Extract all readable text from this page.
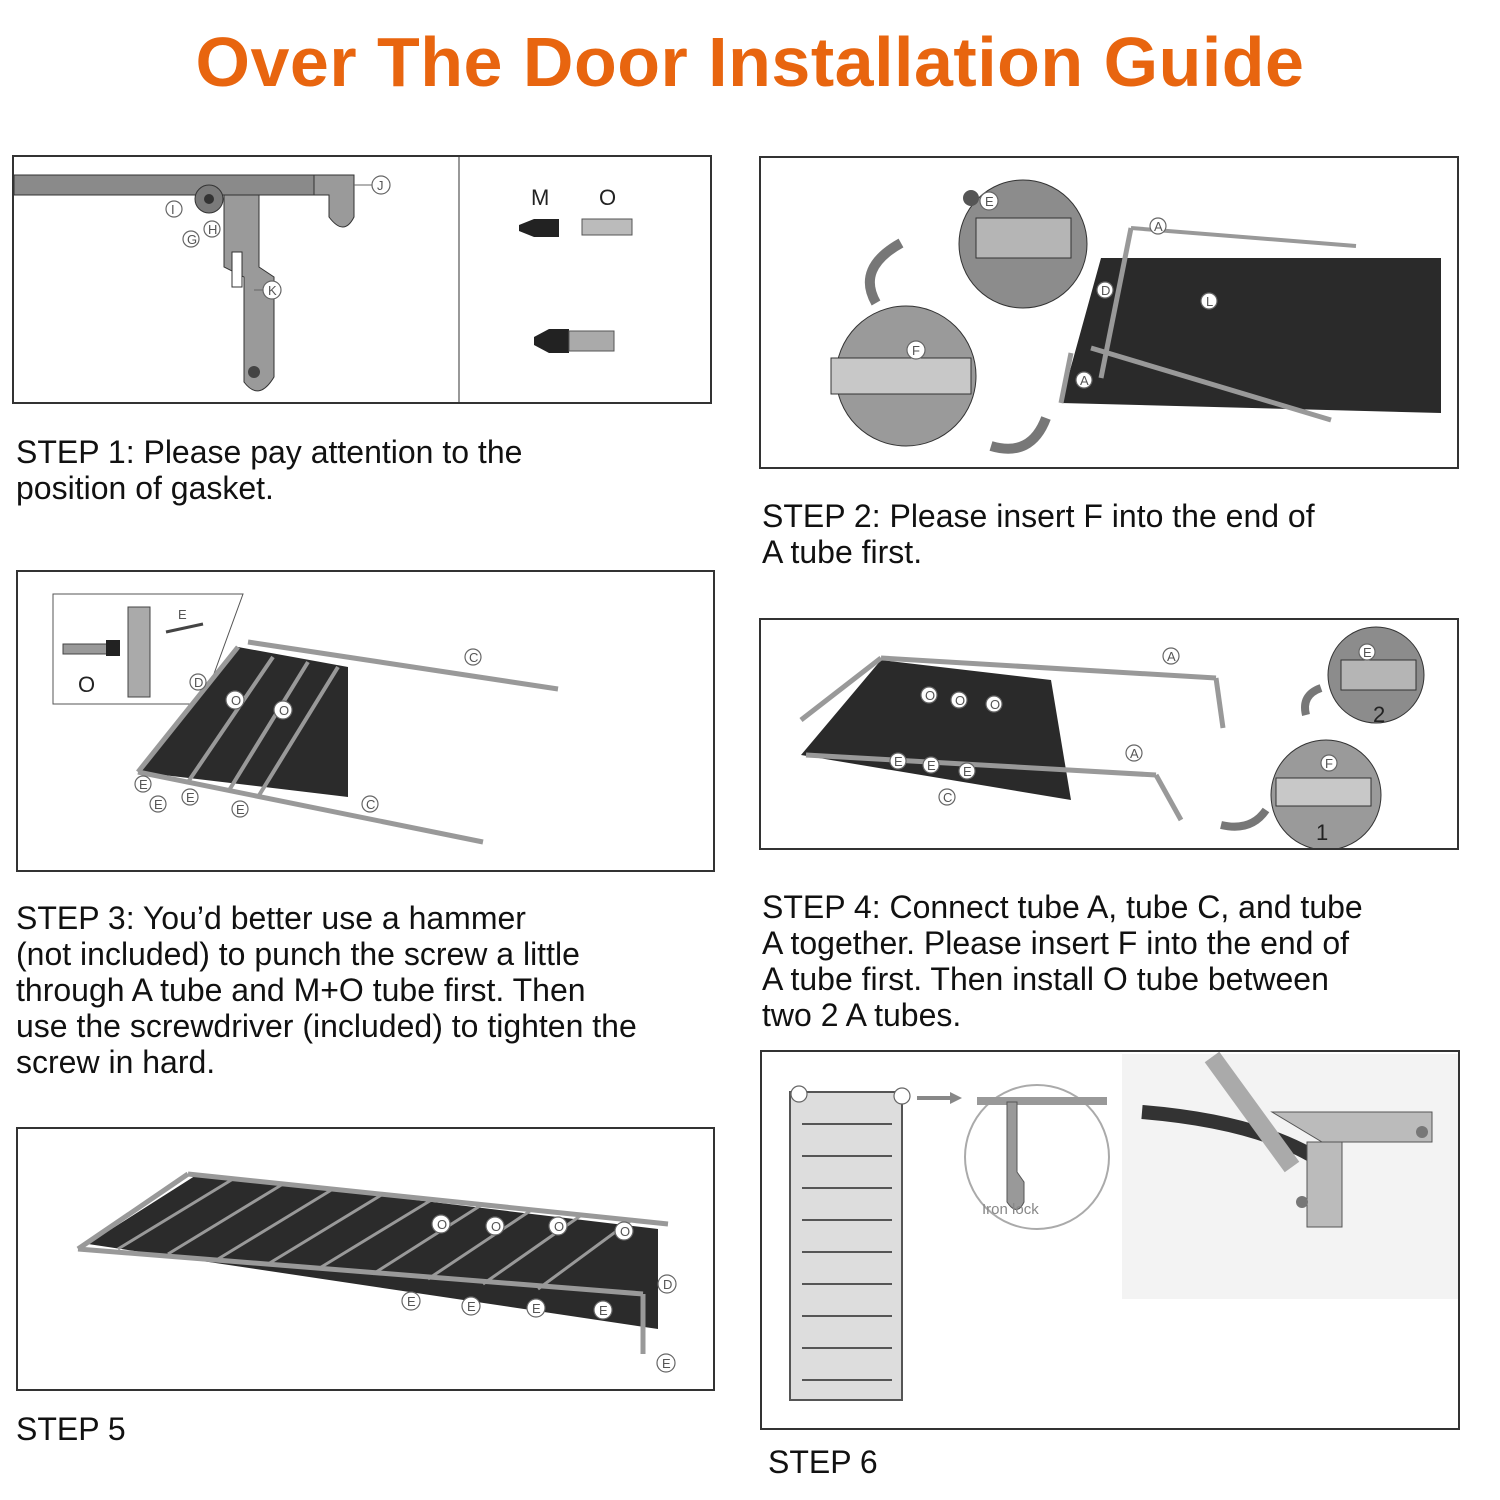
Over The Door Installation Guide
J
I
H
G
K
M O
STEP 1: Please pay attention to the
position of gasket.
E
F
A
D
L
A
STEP 2: Please insert F into the end of
A tube first.
E
O	D
O
O
C
C
E
E E
E
STEP 3: You’d better use a hammer
(not included) to punch the screw a little
through A tube and M+O tube first. Then
use the screwdriver (included) to tighten the
screw in hard.
A
A
O O O
E E E
C
E
2
F
1
STEP 4: Connect tube A, tube C, and tube
A together. Please insert F into the end of
A tube first. Then install O tube between
two 2 A tubes.
O	O	O	O
E	E	E	E
D
E
STEP 5
Iron lock
STEP 6
